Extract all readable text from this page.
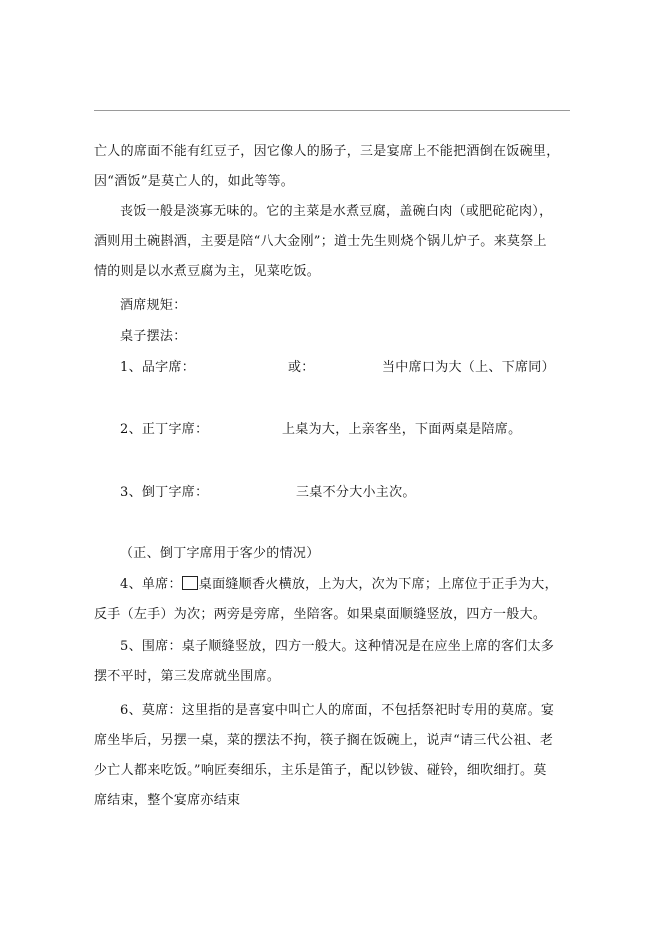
亡人的席面不能有红豆子，因它像人的肠子，三是宴席上不能把酒倒在饭碗里，
因“酒饭”是莫亡人的，如此等等。
丧饭一般是淡寡无味的。它的主菜是水煮豆腐，盖碗白肉（或肥砣砣肉），
酒则用土碗斟酒，主要是陪“八大金刚”；道士先生则烧个锅儿炉子。来莫祭上
情的则是以水煮豆腐为主，见菜吃饭。
酒席规矩：
桌子摆法：
1、品字席：	或：	当中席口为大（上、下席同）
2、正丁字席：	上桌为大，上亲客坐，下面两桌是陪席。
3、倒丁字席：	三桌不分大小主次。
（正、倒丁字席用于客少的情况）
4、单席： 桌面缝顺香火横放，上为大，次为下席；上席位于正手为大，
反手（左手）为次；两旁是旁席，坐陪客。如果桌面顺缝竖放，四方一般大。
5、围席：桌子顺缝竖放，四方一般大。这种情况是在应坐上席的客们太多
摆不平时，第三发席就坐围席。
6、莫席：这里指的是喜宴中叫亡人的席面，不包括祭祀时专用的莫席。宴
席坐毕后，另摆一桌，菜的摆法不拘，筷子搁在饭碗上，说声“请三代公祖、老
少亡人都来吃饭。”响匠奏细乐，主乐是笛子，配以钞钹、碰铃，细吹细打。莫
席结束，整个宴席亦结束
